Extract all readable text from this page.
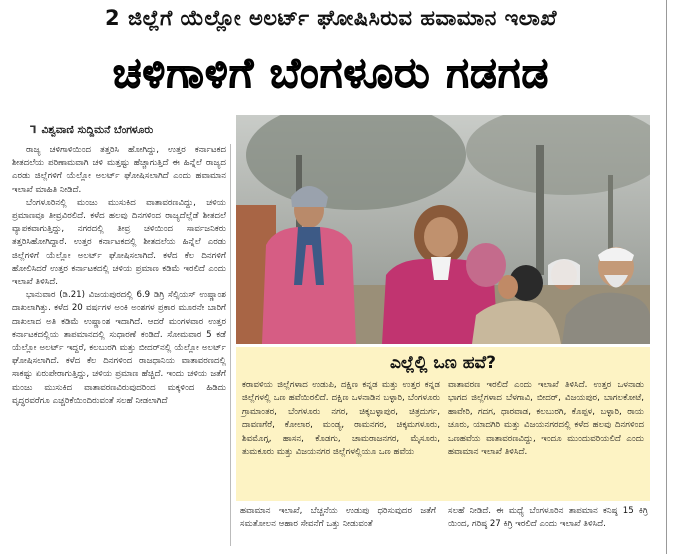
2 ಜಿಲ್ಲೆಗೆ ಯೆಲ್ಲೋ ಅಲರ್ಟ್ ಘೋಷಿಸಿರುವ ಹವಾಮಾನ ಇಲಾಖೆ
ಚಳಿಗಾಳಿಗೆ ಬೆಂಗಳೂರು ಗಡಗಡ
⅂ ವಿಶ್ವವಾಣಿ ಸುದ್ದಿಮನೆ ಬೆಂಗಳೂರು

ರಾಜ್ಯ ಚಳಿಗಾಳಿಯಿಂದ ತತ್ತರಿಸಿ ಹೋಗಿದ್ದು, ಉತ್ತರ ಕರ್ನಾಟಕದ ಶೀತದಲೆಯ ಪರಿಣಾಮವಾಗಿ ಚಳಿ ಮತ್ತಷ್ಟು ಹೆಚ್ಚಾಗುತ್ತಿದೆ ಈ ಹಿನ್ನೆಲೆ ರಾಜ್ಯದ ಎರಡು ಜಿಲ್ಲೆಗಳಿಗೆ ಯೆಲ್ಲೋ ಅಲರ್ಟ್ ಘೋಷಿಸಲಾಗಿದೆ ಎಂದು ಹವಾಮಾನ ಇಲಾಖೆ ಮಾಹಿತಿ ನೀಡಿದೆ.

ಬೆಂಗಳೂರಿನಲ್ಲಿ ಮಂಜು ಮುಸುಕಿದ ವಾತಾವರಣವಿದ್ದು, ಚಳಿಯ ಪ್ರಮಾಣವೂ ತೀವ್ರವಿರಲಿದೆ. ಕಳೆದ ಹಲವು ದಿನಗಳಿಂದ ರಾಜ್ಯದೆಲ್ಲೆಡೆ ಶೀತದಲೆ ವ್ಯಾಪಕವಾಗುತ್ತಿದ್ದು, ನಗರದಲ್ಲಿ ತೀವ್ರ ಚಳಿಯಿಂದ ಸಾರ್ವಜನಿಕರು ತತ್ತರಿಸಿಹೋಗಿದ್ದಾರೆ. ಉತ್ತರ ಕರ್ನಾಟಕದಲ್ಲಿ ಶೀತದಲೆಯ ಹಿನ್ನೆಲೆ ಎರಡು ಜಿಲ್ಲೆಗಳಿಗೆ ಯೆಲ್ಲೋ ಅಲರ್ಟ್ ಘೋಷಿಸಲಾಗಿದೆ. ಕಳೆದ ಕೆಲ ದಿನಗಳಿಗೆ ಹೋಲಿಸಿದರೆ ಉತ್ತರ ಕರ್ನಾಟಕದಲ್ಲಿ ಚಳಿಯ ಪ್ರಮಾಣ ಕಡಿಮೆ ಇರಲಿದೆ ಎಂದು ಇಲಾಖೆ ತಿಳಿಸಿದೆ.

ಭಾನುವಾರ (ಡಿ.21) ವಿಜಯಪುರದಲ್ಲಿ 6.9 ಡಿಗ್ರಿ ಸೆಲ್ಸಿಯಸ್ ಉಷ್ಣಾಂಶ ದಾಖಲಾಗಿತ್ತು. ಕಳೆದ 20 ವರ್ಷಗಳ ಅಂಕಿ ಅಂಶಗಳ ಪ್ರಕಾರ ಮೂರನೇ ಬಾರಿಗೆ ದಾಖಲಾದ ಅತಿ ಕಡಿಮೆ ಉಷ್ಣಾಂಶ ಇದಾಗಿದೆ. ಆದರೆ ಮಂಗಳವಾರ ಉತ್ತರ ಕರ್ನಾಟಕದಲ್ಲಿಯ ತಾಪಮಾನದಲ್ಲಿ ಸುಧಾರಣೆ ಕಂಡಿದೆ. ಸೋಮವಾರ 5 ಕಡೆ ಯೆಲ್ಲೋ ಅಲರ್ಟ್ ಇದ್ದರೆ, ಕಲಬುರಗಿ ಮತ್ತು ಬೀದರ್‌ನಲ್ಲಿ ಯೆಲ್ಲೋ ಅಲರ್ಟ್ ಘೋಷಿಸಲಾಗಿದೆ. ಕಳೆದ ಕೆಲ ದಿನಗಳಿಂದ ರಾಜಧಾನಿಯ ವಾತಾವರಣದಲ್ಲಿ ಸಾಕಷ್ಟು ಏರುಪೇರಾಗುತ್ತಿದ್ದು, ಚಳಿಯ ಪ್ರಮಾಣ ಹೆಚ್ಚಿದೆ. ಇಂದು ಚಳಿಯ ಜತೆಗೆ ಮಂಜು ಮುಸುಕಿದ ವಾತಾವರಣವಿರುವುದರಿಂದ ಮಕ್ಕಳಿಂದ ಹಿಡಿದು ವೃದ್ಧರವರೆಗೂ ಎಚ್ಚರಿಕೆಯಿಂದಿರುವಂತೆ ಸಲಹೆ ನೀಡಲಾಗಿದೆ

ಎಲ್ಲೆಲ್ಲಿ ಒಣ ಹವೆ?

ಕರಾವಳಿಯ ಜಿಲ್ಲೆಗಳಾದ ಉಡುಪಿ, ದಕ್ಷಿಣ ಕನ್ನಡ ಮತ್ತು ಉತ್ತರ ಕನ್ನಡ ಜಿಲ್ಲೆಗಳಲ್ಲಿ ಒಣ ಹವೆಯಿರಲಿದೆ. ದಕ್ಷಿಣ ಒಳನಾಡಿನ ಬಳ್ಳಾರಿ, ಬೆಂಗಳೂರು ಗ್ರಾಮಾಂತರ, ಬೆಂಗಳೂರು ನಗರ, ಚಿಕ್ಕಬಳ್ಳಾಪುರ, ಚಿತ್ರದುರ್ಗ, ದಾವಣಗೆರೆ, ಕೋಲಾರ, ಮಂಡ್ಯ, ರಾಮನಗರ, ಚಿಕ್ಕಮಗಳೂರು, ಶಿವಮೊಗ್ಗ, ಹಾಸನ, ಕೊಡಗು, ಚಾಮರಾಜನಗರ, ಮೈಸೂರು, ತುಮಕೂರು ಮತ್ತು ವಿಜಯನಗರ ಜಿಲ್ಲೆಗಳಲ್ಲಿಯೂ ಒಣ ಹವೆಯ

ವಾತಾವರಣ ಇರಲಿದೆ ಎಂದು ಇಲಾಖೆ ತಿಳಿಸಿದೆ. ಉತ್ತರ ಒಳನಾಡು ಭಾಗದ ಜಿಲ್ಲೆಗಳಾದ ಬೆಳಗಾವಿ, ಬೀದರ್, ವಿಜಯಪುರ, ಬಾಗಲಕೋಟೆ, ಹಾವೇರಿ, ಗದಗ, ಧಾರವಾಡ, ಕಲಬುರಗಿ, ಕೊಪ್ಪಳ, ಬಳ್ಳಾರಿ, ರಾಯ ಚೂರು, ಯಾದಗಿರಿ ಮತ್ತು ವಿಜಯನಗರದಲ್ಲಿ ಕಳೆದ ಹಲವು ದಿನಗಳಿಂದ ಒಣಹವೆಯ ವಾತಾವರಣವಿದ್ದು, ಇಂದೂ ಮುಂದುವರಿಯಲಿದೆ ಎಂದು ಹವಾಮಾನ ಇಲಾಖೆ ತಿಳಿಸಿದೆ.

ಹವಾಮಾನ ಇಲಾಖೆ, ಬೆಚ್ಚನೆಯ ಉಡುಪು ಧರಿಸುವುದರ ಜತೆಗೆ ಸಮತೋಲನ ಆಹಾರ ಸೇವನೆಗೆ ಒತ್ತು ನೀಡುವಂತೆ

ಸಲಹೆ ನೀಡಿದೆ. ಈ ಮಧ್ಯೆ ಬೆಂಗಳೂರಿನ ತಾಪಮಾನ ಕನಿಷ್ಠ 15 ಕಿಗ್ರಿ ಯಿಂದ, ಗರಿಷ್ಠ 27 ಕಿಗ್ರಿ ಇರಲಿದೆ ಎಂದು ಇಲಾಖೆ ತಿಳಿಸಿದೆ.
